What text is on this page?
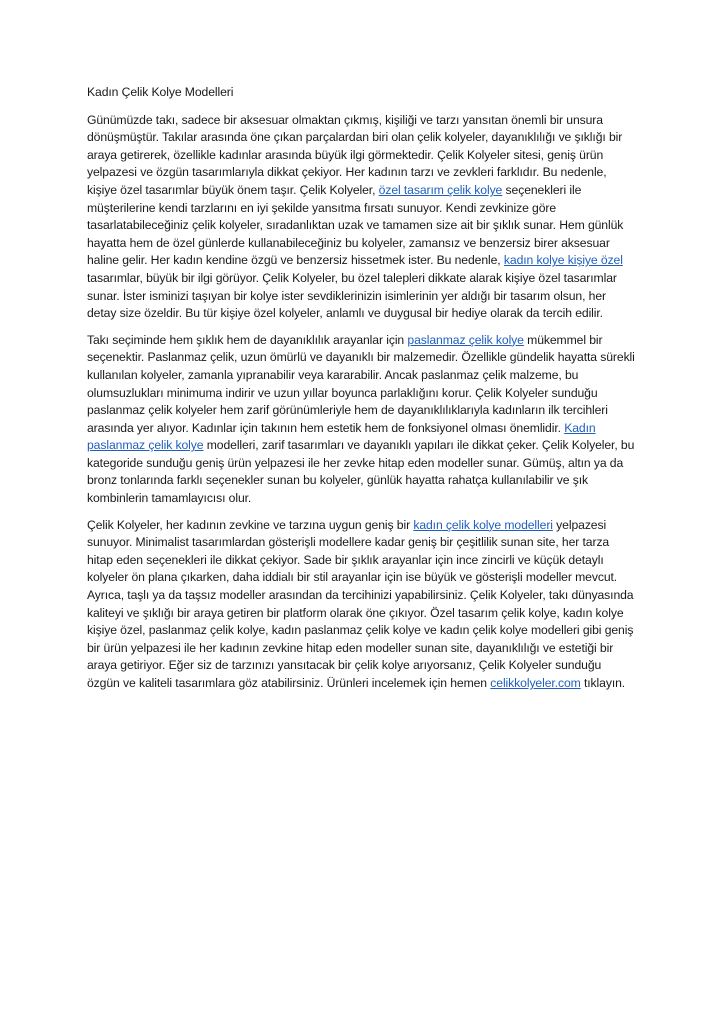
Kadın Çelik Kolye Modelleri

Günümüzde takı, sadece bir aksesuar olmaktan çıkmış, kişiliği ve tarzı yansıtan önemli bir unsura dönüşmüştür. Takılar arasında öne çıkan parçalardan biri olan çelik kolyeler, dayanıklılığı ve şıklığı bir araya getirerek, özellikle kadınlar arasında büyük ilgi görmektedir. Çelik Kolyeler sitesi, geniş ürün yelpazesi ve özgün tasarımlarıyla dikkat çekiyor. Her kadının tarzı ve zevkleri farklıdır. Bu nedenle, kişiye özel tasarımlar büyük önem taşır. Çelik Kolyeler, özel tasarım çelik kolye seçenekleri ile müşterilerine kendi tarzlarını en iyi şekilde yansıtma fırsatı sunuyor. Kendi zevkinize göre tasarlatabileceğiniz çelik kolyeler, sıradanlıktan uzak ve tamamen size ait bir şıklık sunar. Hem günlük hayatta hem de özel günlerde kullanabileceğiniz bu kolyeler, zamansız ve benzersiz birer aksesuar haline gelir. Her kadın kendine özgü ve benzersiz hissetmek ister. Bu nedenle, kadın kolye kişiye özel tasarımlar, büyük bir ilgi görüyor. Çelik Kolyeler, bu özel talepleri dikkate alarak kişiye özel tasarımlar sunar. İster isminizi taşıyan bir kolye ister sevdiklerinizin isimlerinin yer aldığı bir tasarım olsun, her detay size özeldir. Bu tür kişiye özel kolyeler, anlamlı ve duygusal bir hediye olarak da tercih edilir.

Takı seçiminde hem şıklık hem de dayanıklılık arayanlar için paslanmaz çelik kolye mükemmel bir seçenektir. Paslanmaz çelik, uzun ömürlü ve dayanıklı bir malzemedir. Özellikle gündelik hayatta sürekli kullanılan kolyeler, zamanla yıpranabilir veya kararabilir. Ancak paslanmaz çelik malzeme, bu olumsuzlukları minimuma indirir ve uzun yıllar boyunca parlaklığını korur. Çelik Kolyeler sunduğu paslanmaz çelik kolyeler hem zarif görünümleriyle hem de dayanıklılıklarıyla kadınların ilk tercihleri arasında yer alıyor. Kadınlar için takının hem estetik hem de fonksiyonel olması önemlidir. Kadın paslanmaz çelik kolye modelleri, zarif tasarımları ve dayanıklı yapıları ile dikkat çeker. Çelik Kolyeler, bu kategoride sunduğu geniş ürün yelpazesi ile her zevke hitap eden modeller sunar. Gümüş, altın ya da bronz tonlarında farklı seçenekler sunan bu kolyeler, günlük hayatta rahatça kullanılabilir ve şık kombinlerin tamamlayıcısı olur.

Çelik Kolyeler, her kadının zevkine ve tarzına uygun geniş bir kadın çelik kolye modelleri yelpazesi sunuyor. Minimalist tasarımlardan gösterişli modellere kadar geniş bir çeşitlilik sunan site, her tarza hitap eden seçenekleri ile dikkat çekiyor. Sade bir şıklık arayanlar için ince zincirli ve küçük detaylı kolyeler ön plana çıkarken, daha iddialı bir stil arayanlar için ise büyük ve gösterişli modeller mevcut. Ayrıca, taşlı ya da taşsız modeller arasından da tercihinizi yapabilirsiniz. Çelik Kolyeler, takı dünyasında kaliteyi ve şıklığı bir araya getiren bir platform olarak öne çıkıyor. Özel tasarım çelik kolye, kadın kolye kişiye özel, paslanmaz çelik kolye, kadın paslanmaz çelik kolye ve kadın çelik kolye modelleri gibi geniş bir ürün yelpazesi ile her kadının zevkine hitap eden modeller sunan site, dayanıklılığı ve estetiği bir araya getiriyor. Eğer siz de tarzınızı yansıtacak bir çelik kolye arıyorsanız, Çelik Kolyeler sunduğu özgün ve kaliteli tasarımlara göz atabilirsiniz. Ürünleri incelemek için hemen celikkolyeler.com tıklayın.
